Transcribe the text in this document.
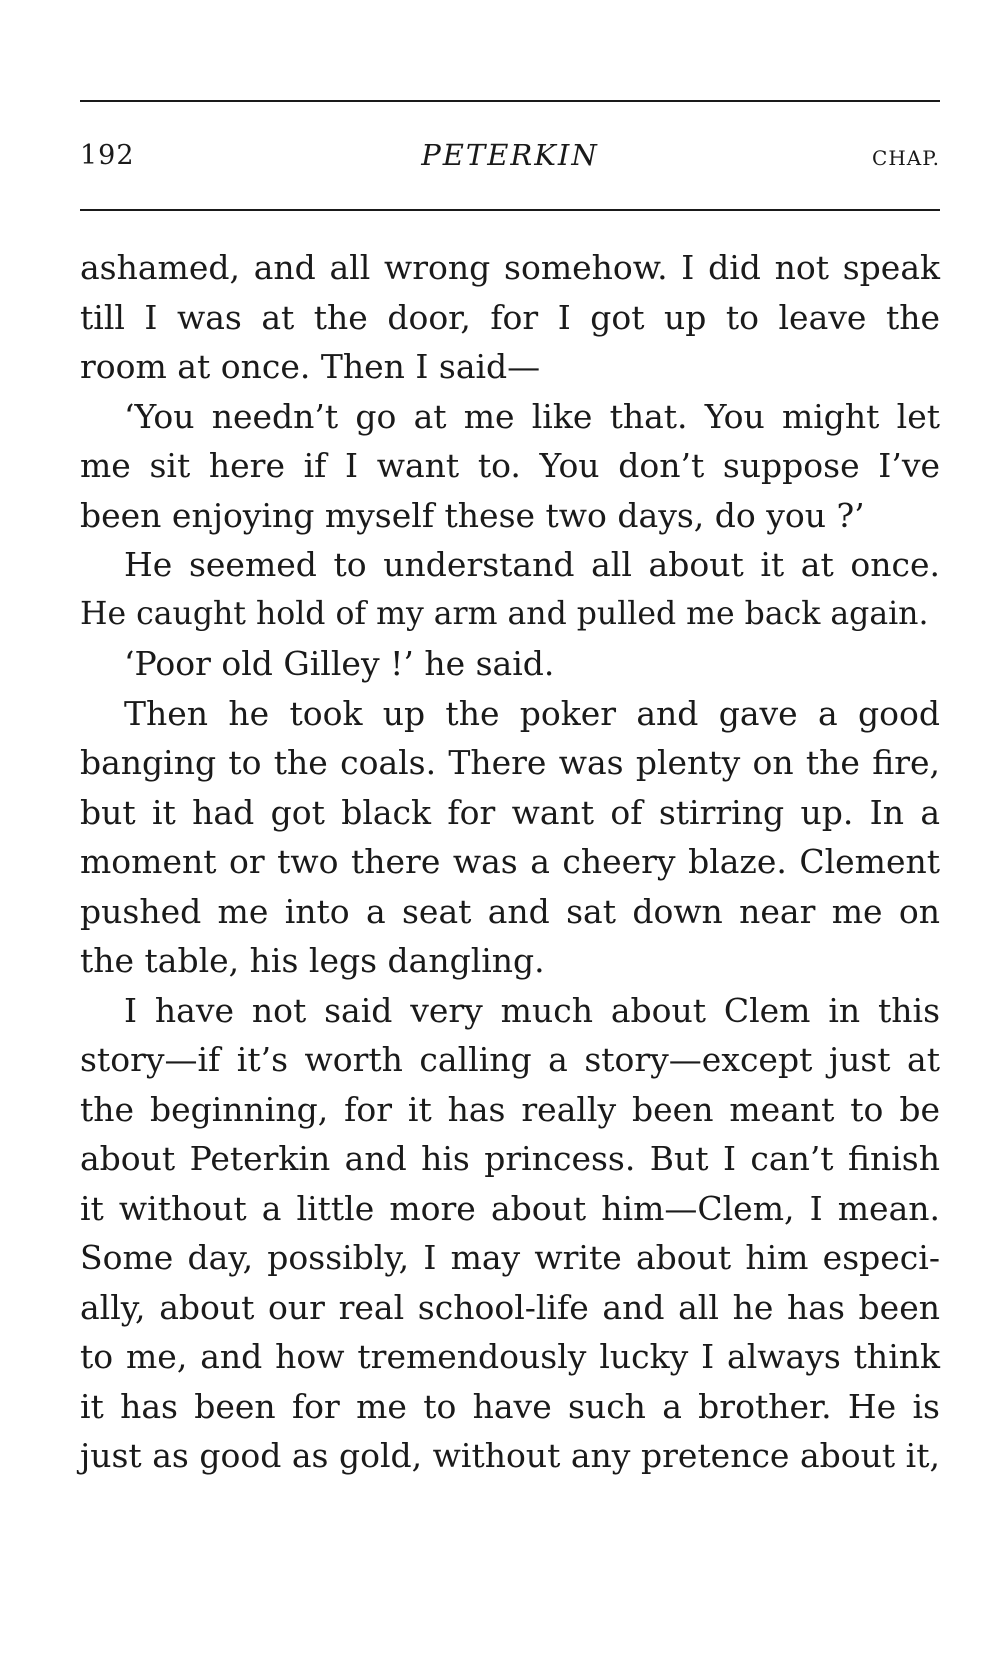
192	PETERKIN	CHAP.
ashamed, and all wrong somehow. I did not speak
till I was at the door, for I got up to leave the
room at once. Then I said—
‘You needn’t go at me like that. You might let
me sit here if I want to. You don’t suppose I’ve
been enjoying myself these two days, do you ?’
He seemed to understand all about it at once.
He caught hold of my arm and pulled me back again.
‘Poor old Gilley !’ he said.
Then he took up the poker and gave a good
banging to the coals. There was plenty on the fire,
but it had got black for want of stirring up. In a
moment or two there was a cheery blaze. Clement
pushed me into a seat and sat down near me on
the table, his legs dangling.
I have not said very much about Clem in this
story—if it’s worth calling a story—except just at
the beginning, for it has really been meant to be
about Peterkin and his princess. But I can’t finish
it without a little more about him—Clem, I mean.
Some day, possibly, I may write about him especi-
ally, about our real school-life and all he has been
to me, and how tremendously lucky I always think
it has been for me to have such a brother. He is
just as good as gold, without any pretence about it,
